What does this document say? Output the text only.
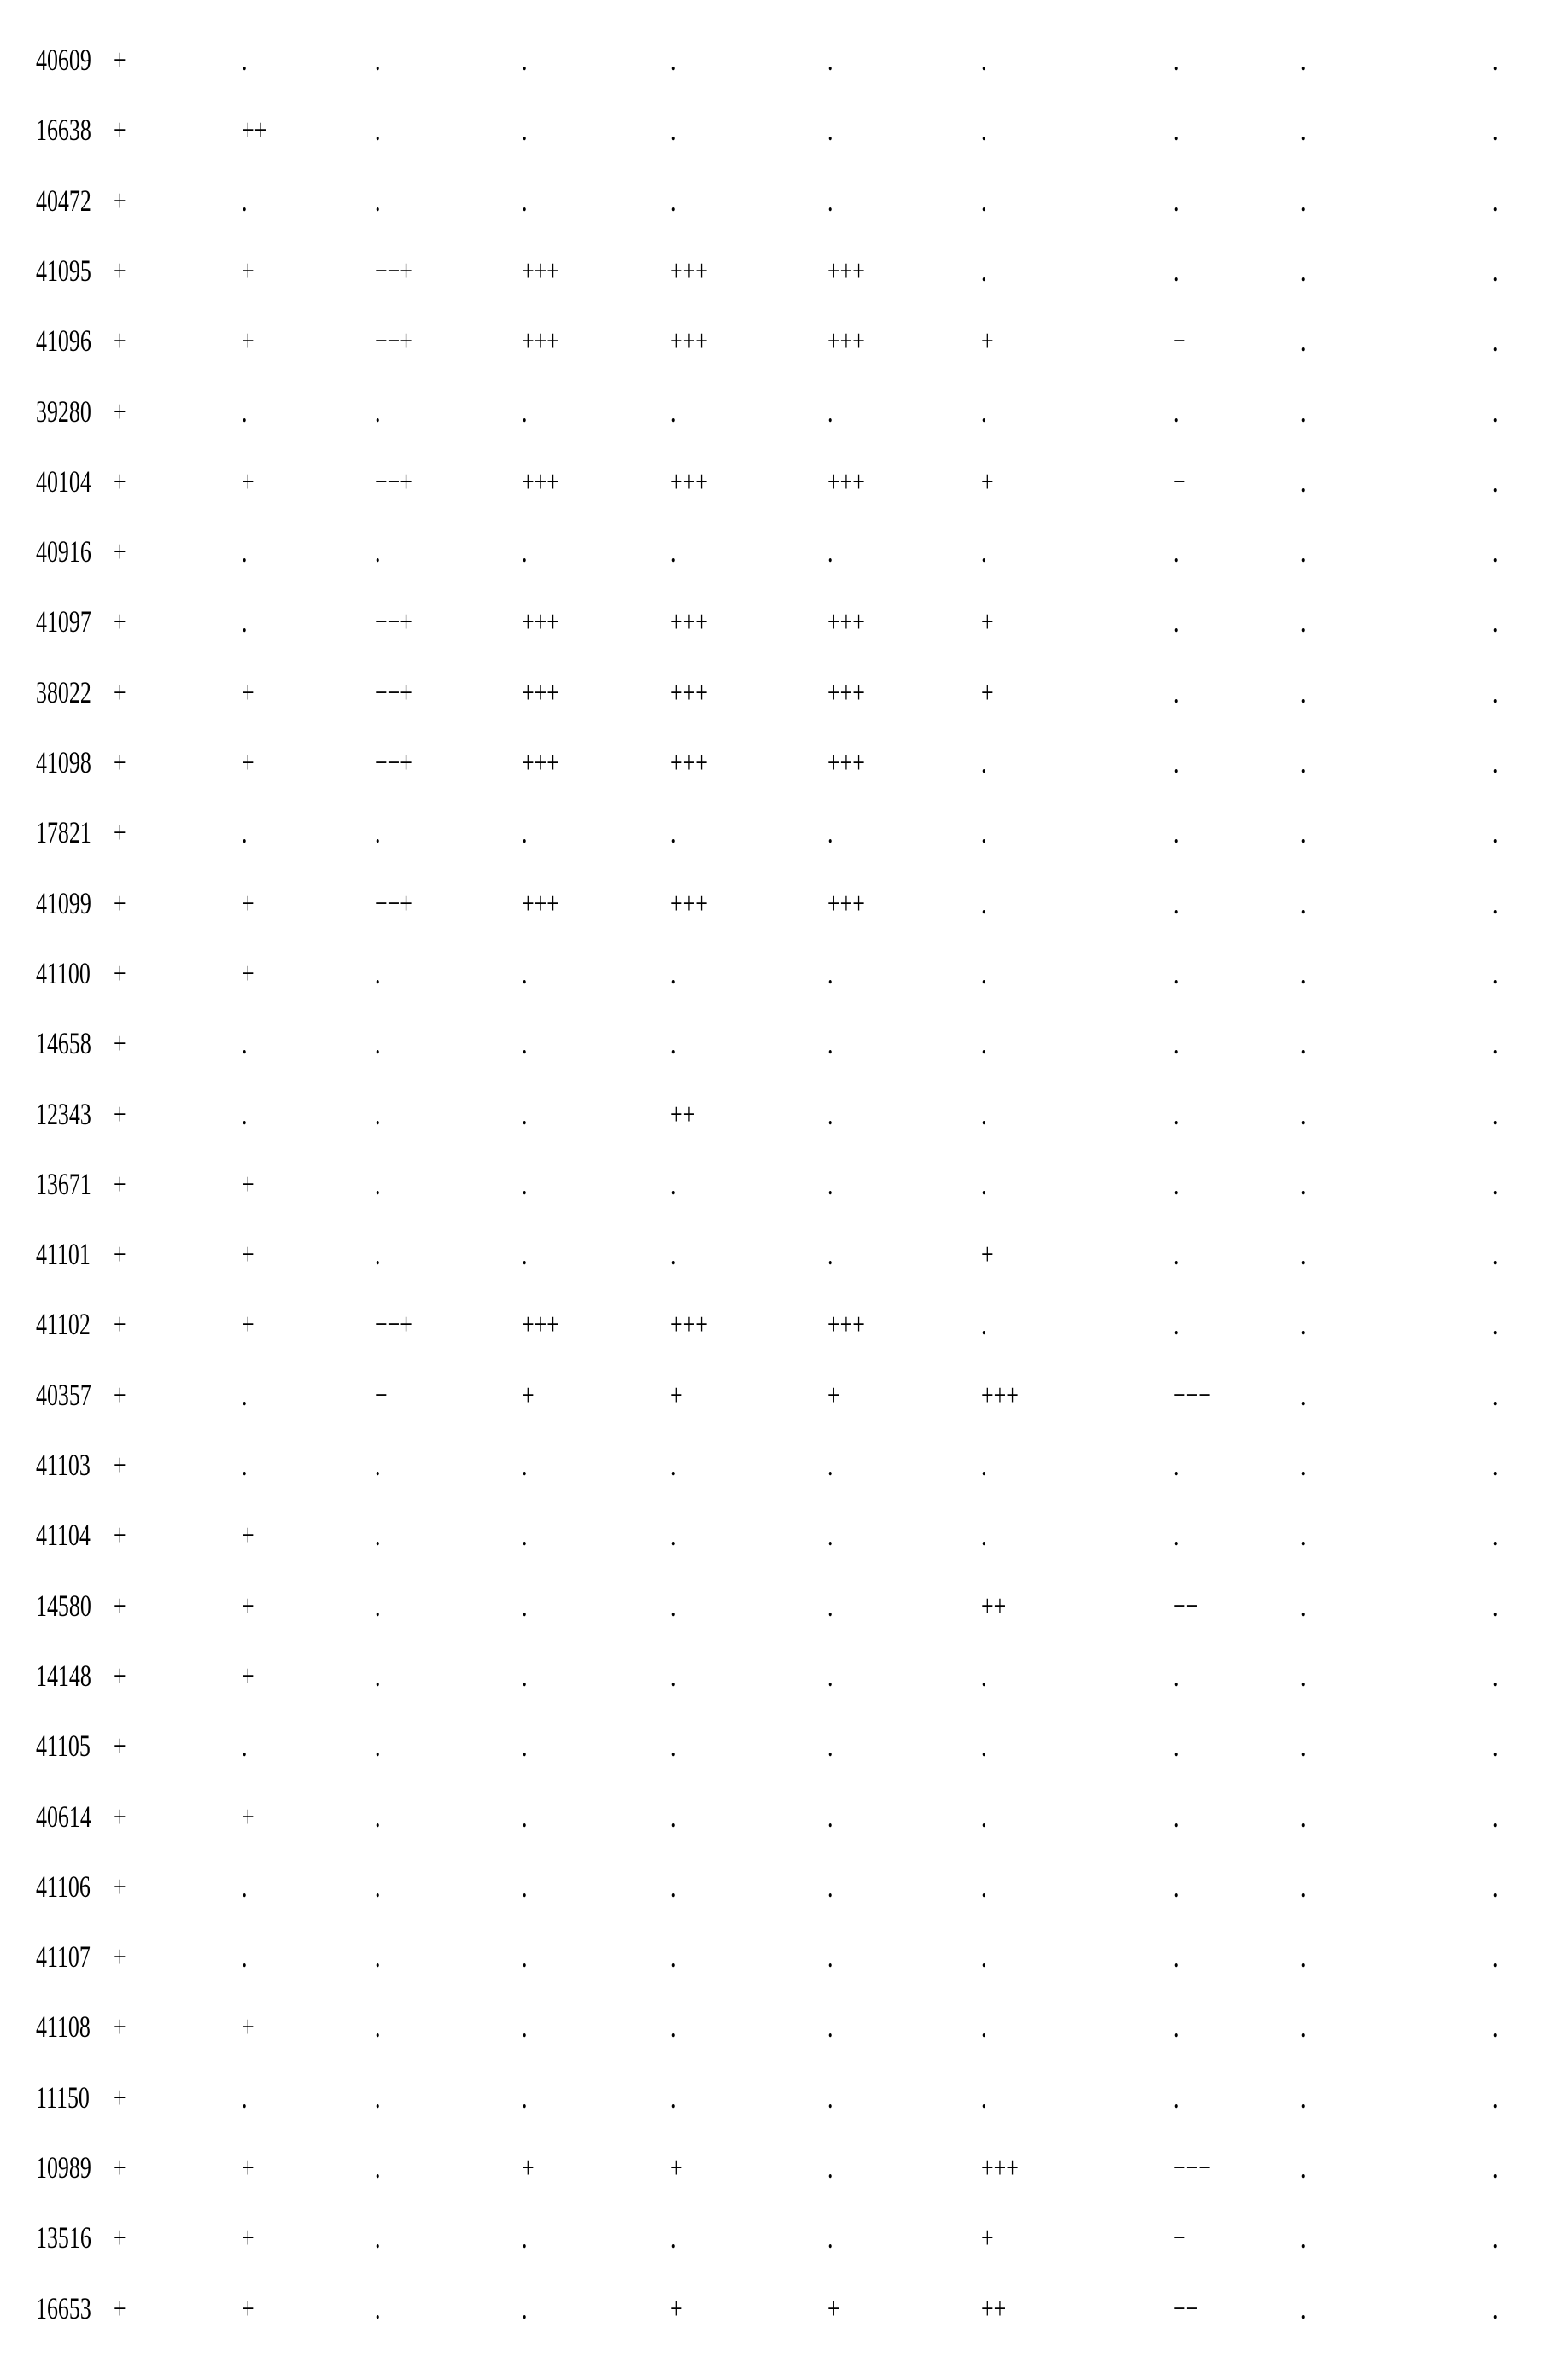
40609 +	.	.	.	.	.	.	.	.	.
16638 +	++	.	.	.	.	.	.	.	.
40472 +	.	.	.	.	.	.	.	.	.
41095 +	+	−−+	+++	+++	+++	.	.	.	.
41096 +	+	−−+	+++	+++	+++	+	−	.	.
39280 +	.	.	.	.	.	.	.	.	.
40104 +	+	−−+	+++	+++	+++	+	−	.	.
40916 +	.	.	.	.	.	.	.	.	.
41097 +	.	−−+	+++	+++	+++	+	.	.	.
38022 +	+	−−+	+++	+++	+++	+	.	.	.
41098 +	+	−−+	+++	+++	+++	.	.	.	.
17821 +	.	.	.	.	.	.	.	.	.
41099 +	+	−−+	+++	+++	+++	.	.	.	.
41100 +	+	.	.	.	.	.	.	.	.
14658 +	.	.	.	.	.	.	.	.	.
12343 +	.	.	.	++	.	.	.	.	.
13671 +	+	.	.	.	.	.	.	.	.
41101 +	+	.	.	.	.	+	.	.	.
41102 +	+	−−+	+++	+++	+++	.	.	.	.
40357 +	.	−	+	+	+	+++	−−−	.	.
41103 +	.	.	.	.	.	.	.	.	.
41104 +	+	.	.	.	.	.	.	.	.
14580 +	+	.	.	.	.	++	−−	.	.
14148 +	+	.	.	.	.	.	.	.	.
41105 +	.	.	.	.	.	.	.	.	.
40614 +	+	.	.	.	.	.	.	.	.
41106 +	.	.	.	.	.	.	.	.	.
41107 +	.	.	.	.	.	.	.	.	.
41108 +	+	.	.	.	.	.	.	.	.
11150 +	.	.	.	.	.	.	.	.	.
10989 +	+	.	+	+	.	+++	−−−	.	.
13516 +	+	.	.	.	.	+	−	.	.
16653 +	+	.	.	+	+	++	−−	.	.
